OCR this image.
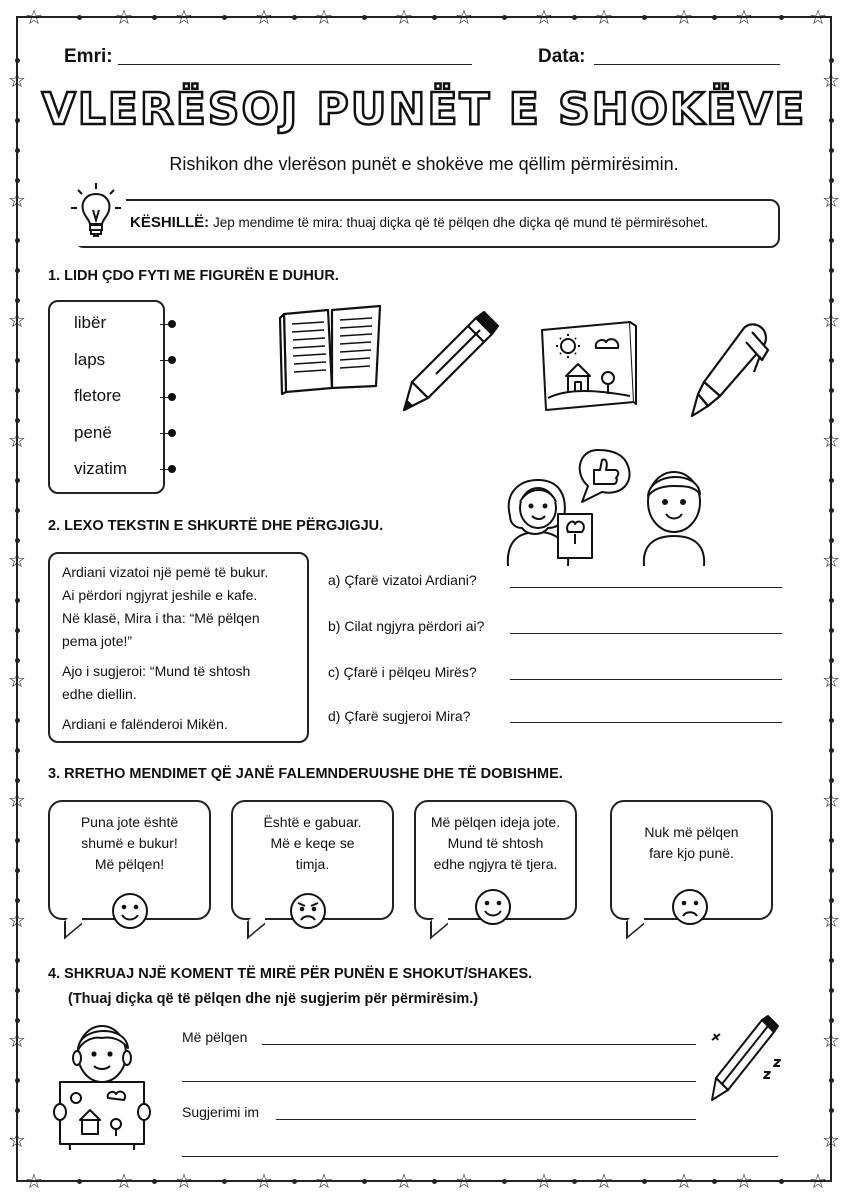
☆
☆
☆
☆
☆
☆
☆
☆
☆
☆
☆
☆
☆
☆
☆
☆
☆
☆
☆
☆
☆
☆
☆
☆
☆	☆
☆	☆
☆	☆
☆	☆
☆	☆
☆	☆
☆	☆
☆	☆
☆	☆
☆	☆
Emri:	Data:
VLERËSOJ PUNËT E SHOKËVE
Rishikon dhe vlerëson punët e shokëve me qëllim përmirësimin.
KËSHILLË: Jep mendime të mira: thuaj diçka që të pëlqen dhe diçka që mund të përmirësohet.
1. LIDH ÇDO FYTI ME FIGURËN E DUHUR.
libër
laps
fletore
penë
vizatim
2. LEXO TEKSTIN E SHKURTË DHE PËRGJIGJU.
Ardiani vizatoi një pemë të bukur.
Ai përdori ngjyrat jeshile e kafe.
Në klasë, Mira i tha: “Më pëlqen
pema jote!”
Ajo i sugjeroi: “Mund të shtosh
edhe diellin.
Ardiani e falënderoi Mikën.
a) Çfarë vizatoi Ardiani?
b) Cilat ngjyra përdori ai?
c) Çfarë i pëlqeu Mirës?
d) Çfarë sugjeroi Mira?
3. RRETHO MENDIMET QË JANË FALEMNDERUUSHE DHE TË DOBISHME.
Puna jote është
shumë e bukur!
Më pëlqen!
Është e gabuar.
Më e keqe se
timja.
Më pëlqen ideja jote.
Mund të shtosh
edhe ngjyra të tjera.
Nuk më pëlqen
fare kjo punë.
4. SHKRUAJ NJË KOMENT TË MIRË PËR PUNËN E SHOKUT/SHAKES.
(Thuaj diçka që të pëlqen dhe një sugjerim për përmirësim.)
Më pëlqen
Sugjerimi im
